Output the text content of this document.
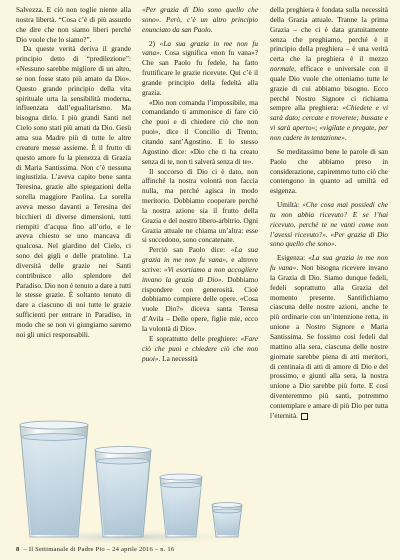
Salvezza. E ciò non toglie niente alla nostra libertà. “Cosa c’è di più assurdo che dire che non siamo liberi perché Dio vuole che lo siamo?”.

Da queste verità deriva il grande principio detto di “predilezione”: «Nessuno sarebbe migliore di un altro, se non fosse stato più amato da Dio». Questo grande principio della vita spirituale urta la sensibilità moderna, influenzata dall’egualitarismo. Ma bisogna dirlo. I più grandi Santi nel Cielo sono stati più amati da Dio. Gesù ama sua Madre più di tutte le altre creature messe assieme. È il frutto di questo amore fu la pienezza di Grazia di Maria Santissima. Non c’è nessuna ingiustizia. L’aveva capito bene santa Teresina, grazie alle spiegazioni della sorella maggiore Paolina. La sorella aveva messo davanti a Teresina dei bicchieri di diverse dimensioni, tutti riempiti d’acqua fino all’orlo, e le aveva chiesto se uno mancava di qualcosa. Nel giardino del Cielo, ci sono dei gigli e delle pratoline. La diversità delle grazie nei Santi contribuisce allo splendore del Paradiso. Dio non è tenuto a dare a tutti le stesse grazie. È soltanto tenuto di dare a ciascuno di noi tutte le grazie sufficienti per entrare in Paradiso, in modo che se non vi giungiamo saremo noi gli unici responsabili.

«Per grazia di Dio sono quello che sono». Però, c’è un altro principio enunciato da san Paolo.

2) «La sua grazia in me non fu vana». Cosa significa «non fu vana»? Che san Paolo fu fedele, ha fatto fruttificare le grazie ricevute. Qui c’è il grande principio della fedeltà alla grazia.

«Dio non comanda l’impossibile, ma comandando ti ammonisce di fare ciò che puoi e di chiedere ciò che non puoi», dice il Concilio di Trento, citando sant’Agostino. E lo stesso Agostino dice: «Dio che ti ha creato senza di te, non ti salverà senza di te».

Il soccorso di Dio ci è dato, non affinché la nostra volontà non faccia nulla, ma perché agisca in modo meritorio. Dobbiamo cooperare perché la nostra azione sia il frutto della Grazia e del nostro libero-arbitrio. Ogni Grazia attuale ne chiama un’altra: esse si succedono, sono concatenate.

Perciò san Paolo dice: «La sua grazia in me non fu vana», e altrove scrive: «Vi esortiamo a non accogliere invano la grazia di Dio». Dobbiamo rispondere con generosità. Cioè dobbiamo compiere delle opere. «Cosa vuole Dio?» diceva santa Teresa d’Avila – Delle opere, figlie mie, ecco la volontà di Dio».

E soprattutto delle preghiere: «Fare ciò che puoi e chiedere ciò che non puoi». La necessità

della preghiera è fondata sulla necessità della Grazia attuale. Tranne la prima Grazia – che ci è data gratuitamente senza che preghiamo, perché è il principio della preghiera – è una verità certa che la preghiera è il mezzo normale, efficace e universale con il quale Dio vuole che otteniamo tutte le grazie di cui abbiamo bisogno. Ecco perché Nostro Signore ci richiama sempre alla preghiera: «Chiedete e vi sarà dato; cercate e troverete; bussate e vi sarà aperto»; «vigilate e pregate, per non cadere in tentazione».

Se meditassimo bene le parole di san Paolo che abbiamo preso in considerazione, capiremmo tutto ciò che contengono in quanto ad umiltà ed esigenza.

Umiltà: «Che cosa mai possiedi che tu non abbia ricevuto? E se l’hai ricevuto, perché te ne vanti come non l’avessi ricevuto?». «Per grazia di Dio sono quello che sono».

Esigenza: «La sua grazia in me non fu vana». Non bisogna ricevere invano la Grazia di Dio. Siamo dunque fedeli, fedeli soprattutto alla Grazia del momento presente. Santifichiamo ciascuna delle nostre azioni, anche le più ordinarie con un’intenzione retta, in unione a Nostro Signore e Maria Santissima. Se fossimo così fedeli dal mattino alla sera, ciascuna delle nostre giornate sarebbe piena di atti meritori, di centinaia di atti di amore di Dio e del prossimo, e giunti alla sera, la nostra unione a Dio sarebbe più forte. E così diventeremmo più santi, potremmo contemplare e amare di più Dio per tutta l’eternità.

8 – Il Settimanale di Padre Pio – 24 aprile 2016 – n. 16
